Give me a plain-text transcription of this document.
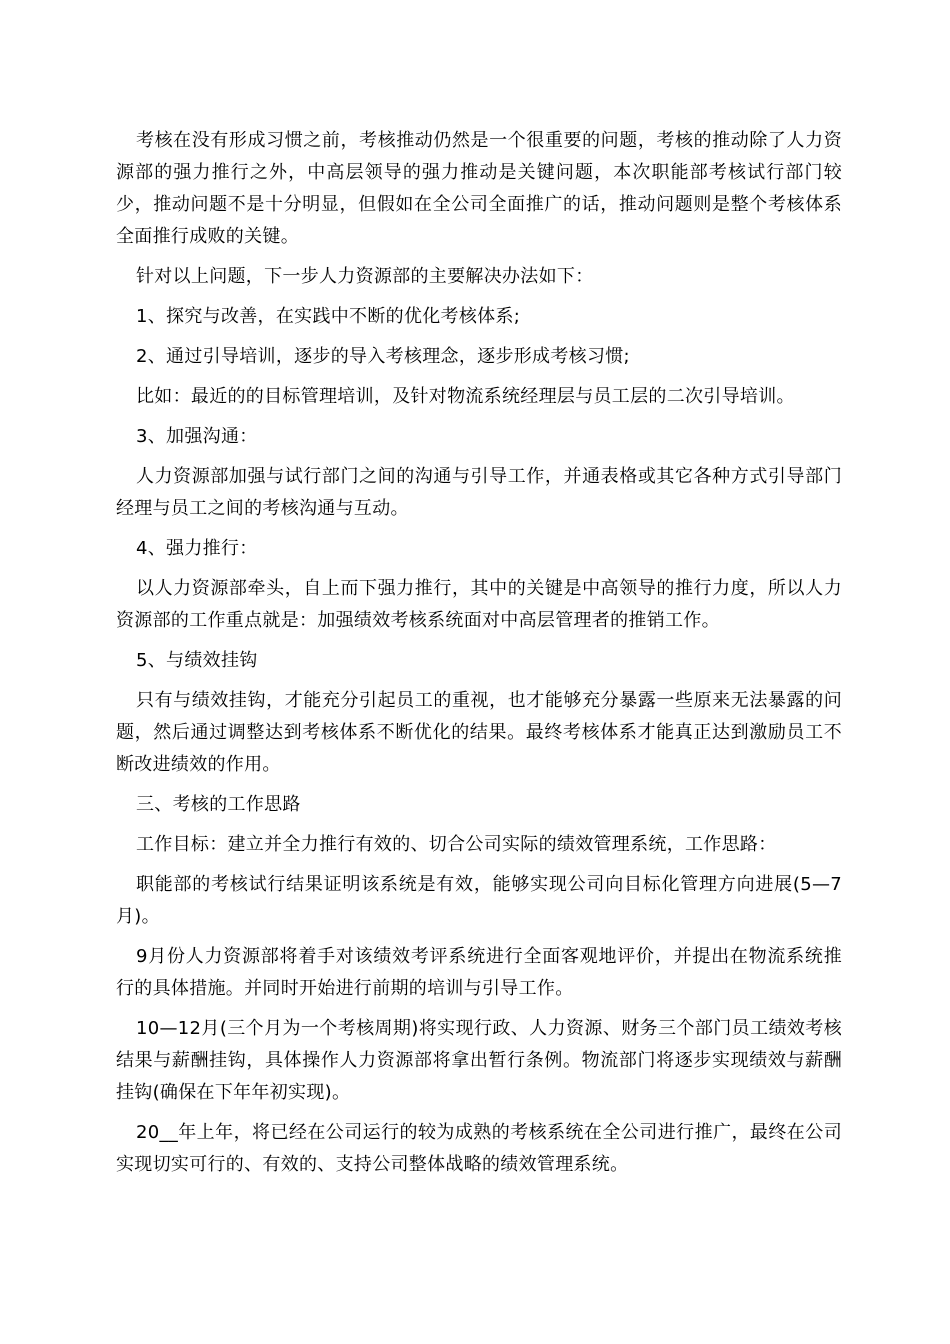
考核在没有形成习惯之前，考核推动仍然是一个很重要的问题，考核的推动除了人力资源部的强力推行之外，中高层领导的强力推动是关键问题，本次职能部考核试行部门较少，推动问题不是十分明显，但假如在全公司全面推广的话，推动问题则是整个考核体系全面推行成败的关键。

针对以上问题，下一步人力资源部的主要解决办法如下：

1、探究与改善，在实践中不断的优化考核体系;

2、通过引导培训，逐步的导入考核理念，逐步形成考核习惯;

比如：最近的的目标管理培训，及针对物流系统经理层与员工层的二次引导培训。

3、加强沟通：

人力资源部加强与试行部门之间的沟通与引导工作，并通表格或其它各种方式引导部门经理与员工之间的考核沟通与互动。

4、强力推行：

以人力资源部牵头，自上而下强力推行，其中的关键是中高领导的推行力度，所以人力资源部的工作重点就是：加强绩效考核系统面对中高层管理者的推销工作。

5、与绩效挂钩

只有与绩效挂钩，才能充分引起员工的重视，也才能够充分暴露一些原来无法暴露的问题，然后通过调整达到考核体系不断优化的结果。最终考核体系才能真正达到激励员工不断改进绩效的作用。

三、考核的工作思路

工作目标：建立并全力推行有效的、切合公司实际的绩效管理系统，工作思路：

职能部的考核试行结果证明该系统是有效，能够实现公司向目标化管理方向进展(5—7月)。

9月份人力资源部将着手对该绩效考评系统进行全面客观地评价，并提出在物流系统推行的具体措施。并同时开始进行前期的培训与引导工作。

10—12月(三个月为一个考核周期)将实现行政、人力资源、财务三个部门员工绩效考核结果与薪酬挂钩，具体操作人力资源部将拿出暂行条例。物流部门将逐步实现绩效与薪酬挂钩(确保在下年年初实现)。

20__年上年，将已经在公司运行的较为成熟的考核系统在全公司进行推广，最终在公司实现切实可行的、有效的、支持公司整体战略的绩效管理系统。
